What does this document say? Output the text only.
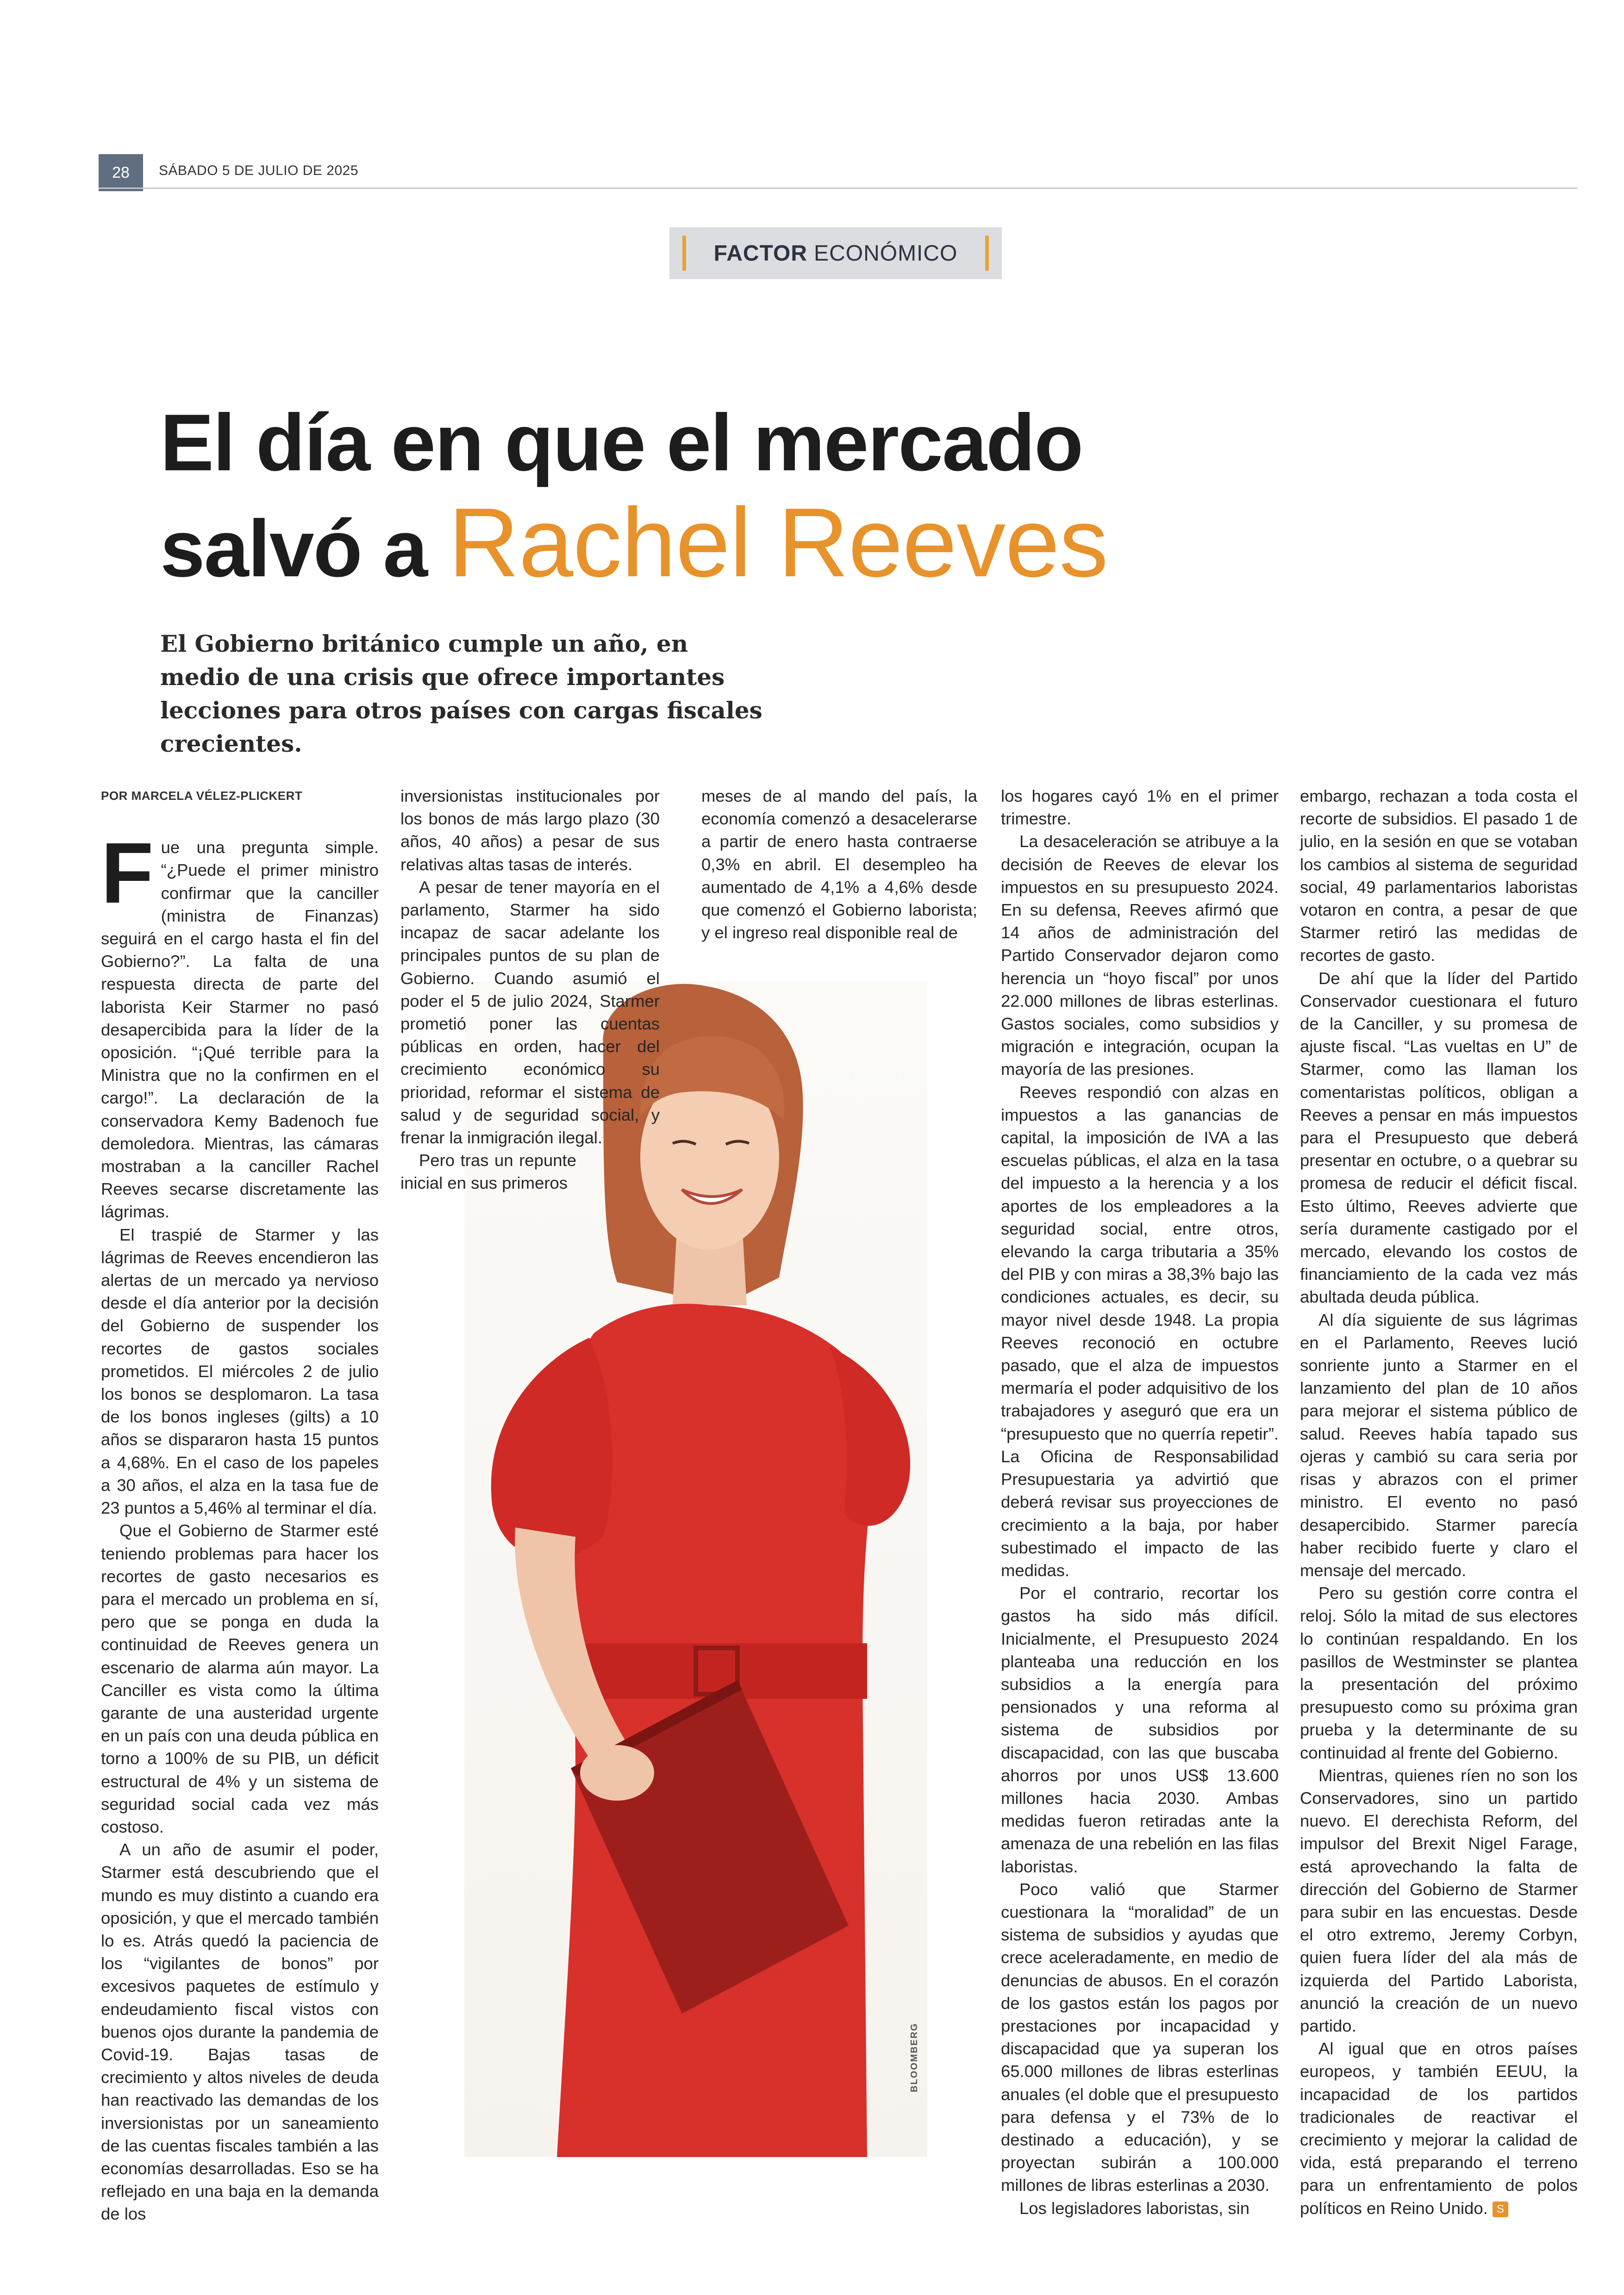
28	SÁBADO 5 DE JULIO DE 2025
FACTOR ECONÓMICO
El día en que el mercado
salvó a Rachel Reeves
El Gobierno británico cumple un año, en medio de una crisis que ofrece importantes lecciones para otros países con cargas fiscales crecientes.
BLOOMBERG
POR MARCELA VÉLEZ-PLICKERT

Fue una pregunta simple. “¿Puede el primer ministro confirmar que la canciller (ministra de Finanzas) seguirá en el cargo hasta el fin del Gobierno?”. La falta de una respuesta directa de parte del laborista Keir Starmer no pasó desapercibida para la líder de la oposición. “¡Qué terrible para la Ministra que no la confirmen en el cargo!”. La declaración de la conservadora Kemy Badenoch fue demoledora. Mientras, las cámaras mostraban a la canciller Rachel Reeves secarse discretamente las lágrimas.

El traspié de Starmer y las lágrimas de Reeves encendieron las alertas de un mercado ya nervioso desde el día anterior por la decisión del Gobierno de suspender los recortes de gastos sociales prometidos. El miércoles 2 de julio los bonos se desplomaron. La tasa de los bonos ingleses (gilts) a 10 años se dispararon hasta 15 puntos a 4,68%. En el caso de los papeles a 30 años, el alza en la tasa fue de 23 puntos a 5,46% al terminar el día.

Que el Gobierno de Starmer esté teniendo problemas para hacer los recortes de gasto necesarios es para el mercado un problema en sí, pero que se ponga en duda la continuidad de Reeves genera un escenario de alarma aún mayor. La Canciller es vista como la última garante de una austeridad urgente en un país con una deuda pública en torno a 100% de su PIB, un déficit estructural de 4% y un sistema de seguridad social cada vez más costoso.

A un año de asumir el poder, Starmer está descubriendo que el mundo es muy distinto a cuando era oposición, y que el mercado también lo es. Atrás quedó la paciencia de los “vigilantes de bonos” por excesivos paquetes de estímulo y endeudamiento fiscal vistos con buenos ojos durante la pandemia de Covid-19. Bajas tasas de crecimiento y altos niveles de deuda han reactivado las demandas de los inversionistas por un saneamiento de las cuentas fiscales también a las economías desarrolladas. Eso se ha reflejado en una baja en la demanda de los

inversionistas institucionales por los bonos de más largo plazo (30 años, 40 años) a pesar de sus relativas altas tasas de interés.

A pesar de tener mayoría en el parlamento, Starmer ha sido incapaz de sacar adelante los principales puntos de su plan de Gobierno. Cuando asumió el poder el 5 de julio 2024, Starmer prometió poner las cuentas públicas en orden, hacer del crecimiento económico su prioridad, reformar el sistema de salud y de seguridad social, y frenar la inmigración ilegal.

Pero tras un repunte inicial en sus primeros

meses de al mando del país, la economía comenzó a desacelerarse a partir de enero hasta contraerse 0,3% en abril. El desempleo ha aumentado de 4,1% a 4,6% desde que comenzó el Gobierno laborista; y el ingreso real disponible real de

los hogares cayó 1% en el primer trimestre.

La desaceleración se atribuye a la decisión de Reeves de elevar los impuestos en su presupuesto 2024. En su defensa, Reeves afirmó que 14 años de administración del Partido Conservador dejaron como herencia un “hoyo fiscal” por unos 22.000 millones de libras esterlinas. Gastos sociales, como subsidios y migración e integración, ocupan la mayoría de las presiones.

Reeves respondió con alzas en impuestos a las ganancias de capital, la imposición de IVA a las escuelas públicas, el alza en la tasa del impuesto a la herencia y a los aportes de los empleadores a la seguridad social, entre otros, elevando la carga tributaria a 35% del PIB y con miras a 38,3% bajo las condiciones actuales, es decir, su mayor nivel desde 1948. La propia Reeves reconoció en octubre pasado, que el alza de impuestos mermaría el poder adquisitivo de los trabajadores y aseguró que era un “presupuesto que no querría repetir”. La Oficina de Responsabilidad Presupuestaria ya advirtió que deberá revisar sus proyecciones de crecimiento a la baja, por haber subestimado el impacto de las medidas.

Por el contrario, recortar los gastos ha sido más difícil. Inicialmente, el Presupuesto 2024 planteaba una reducción en los subsidios a la energía para pensionados y una reforma al sistema de subsidios por discapacidad, con las que buscaba ahorros por unos US$ 13.600 millones hacia 2030. Ambas medidas fueron retiradas ante la amenaza de una rebelión en las filas laboristas.

Poco valió que Starmer cuestionara la “moralidad” de un sistema de subsidios y ayudas que crece aceleradamente, en medio de denuncias de abusos. En el corazón de los gastos están los pagos por prestaciones por incapacidad y discapacidad que ya superan los 65.000 millones de libras esterlinas anuales (el doble que el presupuesto para defensa y el 73% de lo destinado a educación), y se proyectan subirán a 100.000 millones de libras esterlinas a 2030.

Los legisladores laboristas, sin

embargo, rechazan a toda costa el recorte de subsidios. El pasado 1 de julio, en la sesión en que se votaban los cambios al sistema de seguridad social, 49 parlamentarios laboristas votaron en contra, a pesar de que Starmer retiró las medidas de recortes de gasto.

De ahí que la líder del Partido Conservador cuestionara el futuro de la Canciller, y su promesa de ajuste fiscal. “Las vueltas en U” de Starmer, como las llaman los comentaristas políticos, obligan a Reeves a pensar en más impuestos para el Presupuesto que deberá presentar en octubre, o a quebrar su promesa de reducir el déficit fiscal. Esto último, Reeves advierte que sería duramente castigado por el mercado, elevando los costos de financiamiento de la cada vez más abultada deuda pública.

Al día siguiente de sus lágrimas en el Parlamento, Reeves lució sonriente junto a Starmer en el lanzamiento del plan de 10 años para mejorar el sistema público de salud. Reeves había tapado sus ojeras y cambió su cara seria por risas y abrazos con el primer ministro. El evento no pasó desapercibido. Starmer parecía haber recibido fuerte y claro el mensaje del mercado.

Pero su gestión corre contra el reloj. Sólo la mitad de sus electores lo continúan respaldando. En los pasillos de Westminster se plantea la presentación del próximo presupuesto como su próxima gran prueba y la determinante de su continuidad al frente del Gobierno.

Mientras, quienes ríen no son los Conservadores, sino un partido nuevo. El derechista Reform, del impulsor del Brexit Nigel Farage, está aprovechando la falta de dirección del Gobierno de Starmer para subir en las encuestas. Desde el otro extremo, Jeremy Corbyn, quien fuera líder del ala más de izquierda del Partido Laborista, anunció la creación de un nuevo partido.

Al igual que en otros países europeos, y también EEUU, la incapacidad de los partidos tradicionales de reactivar el crecimiento y mejorar la calidad de vida, está preparando el terreno para un enfrentamiento de polos políticos en Reino Unido. S
